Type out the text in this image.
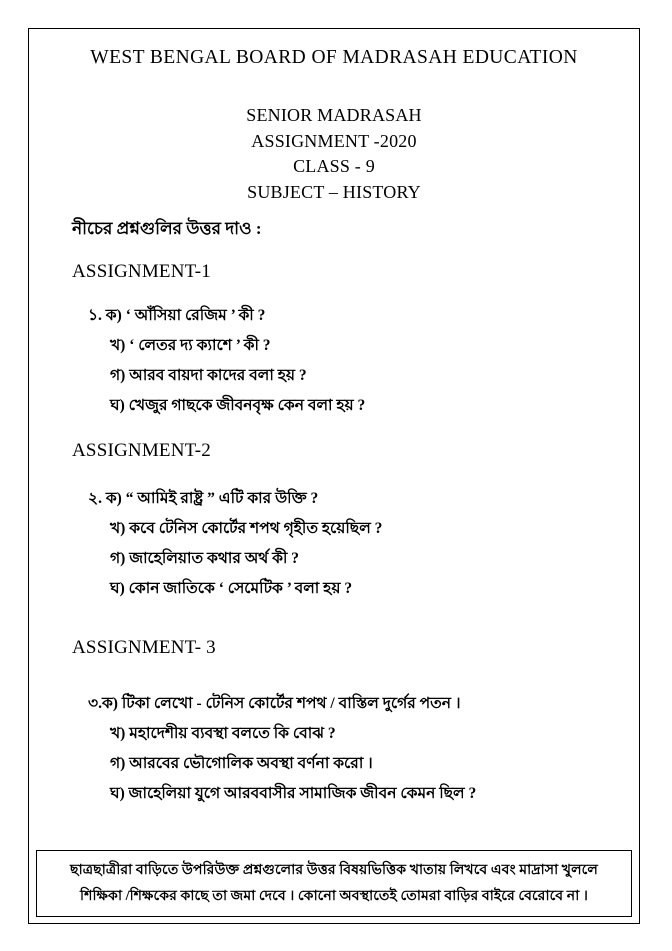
WEST BENGAL BOARD OF MADRASAH EDUCATION
SENIOR MADRASAH
ASSIGNMENT -2020
CLASS - 9
SUBJECT – HISTORY
নীচের প্রশ্নগুলির উত্তর দাও :
ASSIGNMENT-1
১. ক) ‘ আঁসিয়া রেজিম ’ কী ?
খ) ‘ লেতর দ্য ক্যাশে ’ কী ?
গ) আরব বায়দা কাদের বলা হয় ?
ঘ) খেজুর গাছকে জীবনবৃক্ষ কেন বলা হয় ?
ASSIGNMENT-2
২. ক) “ আমিই রাষ্ট্র ” এটি কার উক্তি ?
খ) কবে টেনিস কোর্টের শপথ গৃহীত হয়েছিল ?
গ) জাহেলিয়াত কথার অর্থ কী ?
ঘ) কোন জাতিকে ‘ সেমেটিক ’ বলা হয় ?
ASSIGNMENT- 3
৩.ক) টিকা লেখো - টেনিস কোর্টের শপথ / বাস্তিল দুর্গের পতন ।
খ) মহাদেশীয় ব্যবস্থা বলতে কি বোঝ ?
গ) আরবের ভৌগোলিক অবস্থা বর্ণনা করো ।
ঘ) জাহেলিয়া যুগে আরববাসীর সামাজিক জীবন কেমন ছিল ?
ছাত্রছাত্রীরা বাড়িতে উপরিউক্ত প্রশ্নগুলোর উত্তর বিষয়ভিত্তিক খাতায় লিখবে এবং মাদ্রাসা খুললে
শিক্ষিকা /শিক্ষকের কাছে তা জমা দেবে । কোনো অবস্থাতেই তোমরা বাড়ির বাইরে বেরোবে না ।
